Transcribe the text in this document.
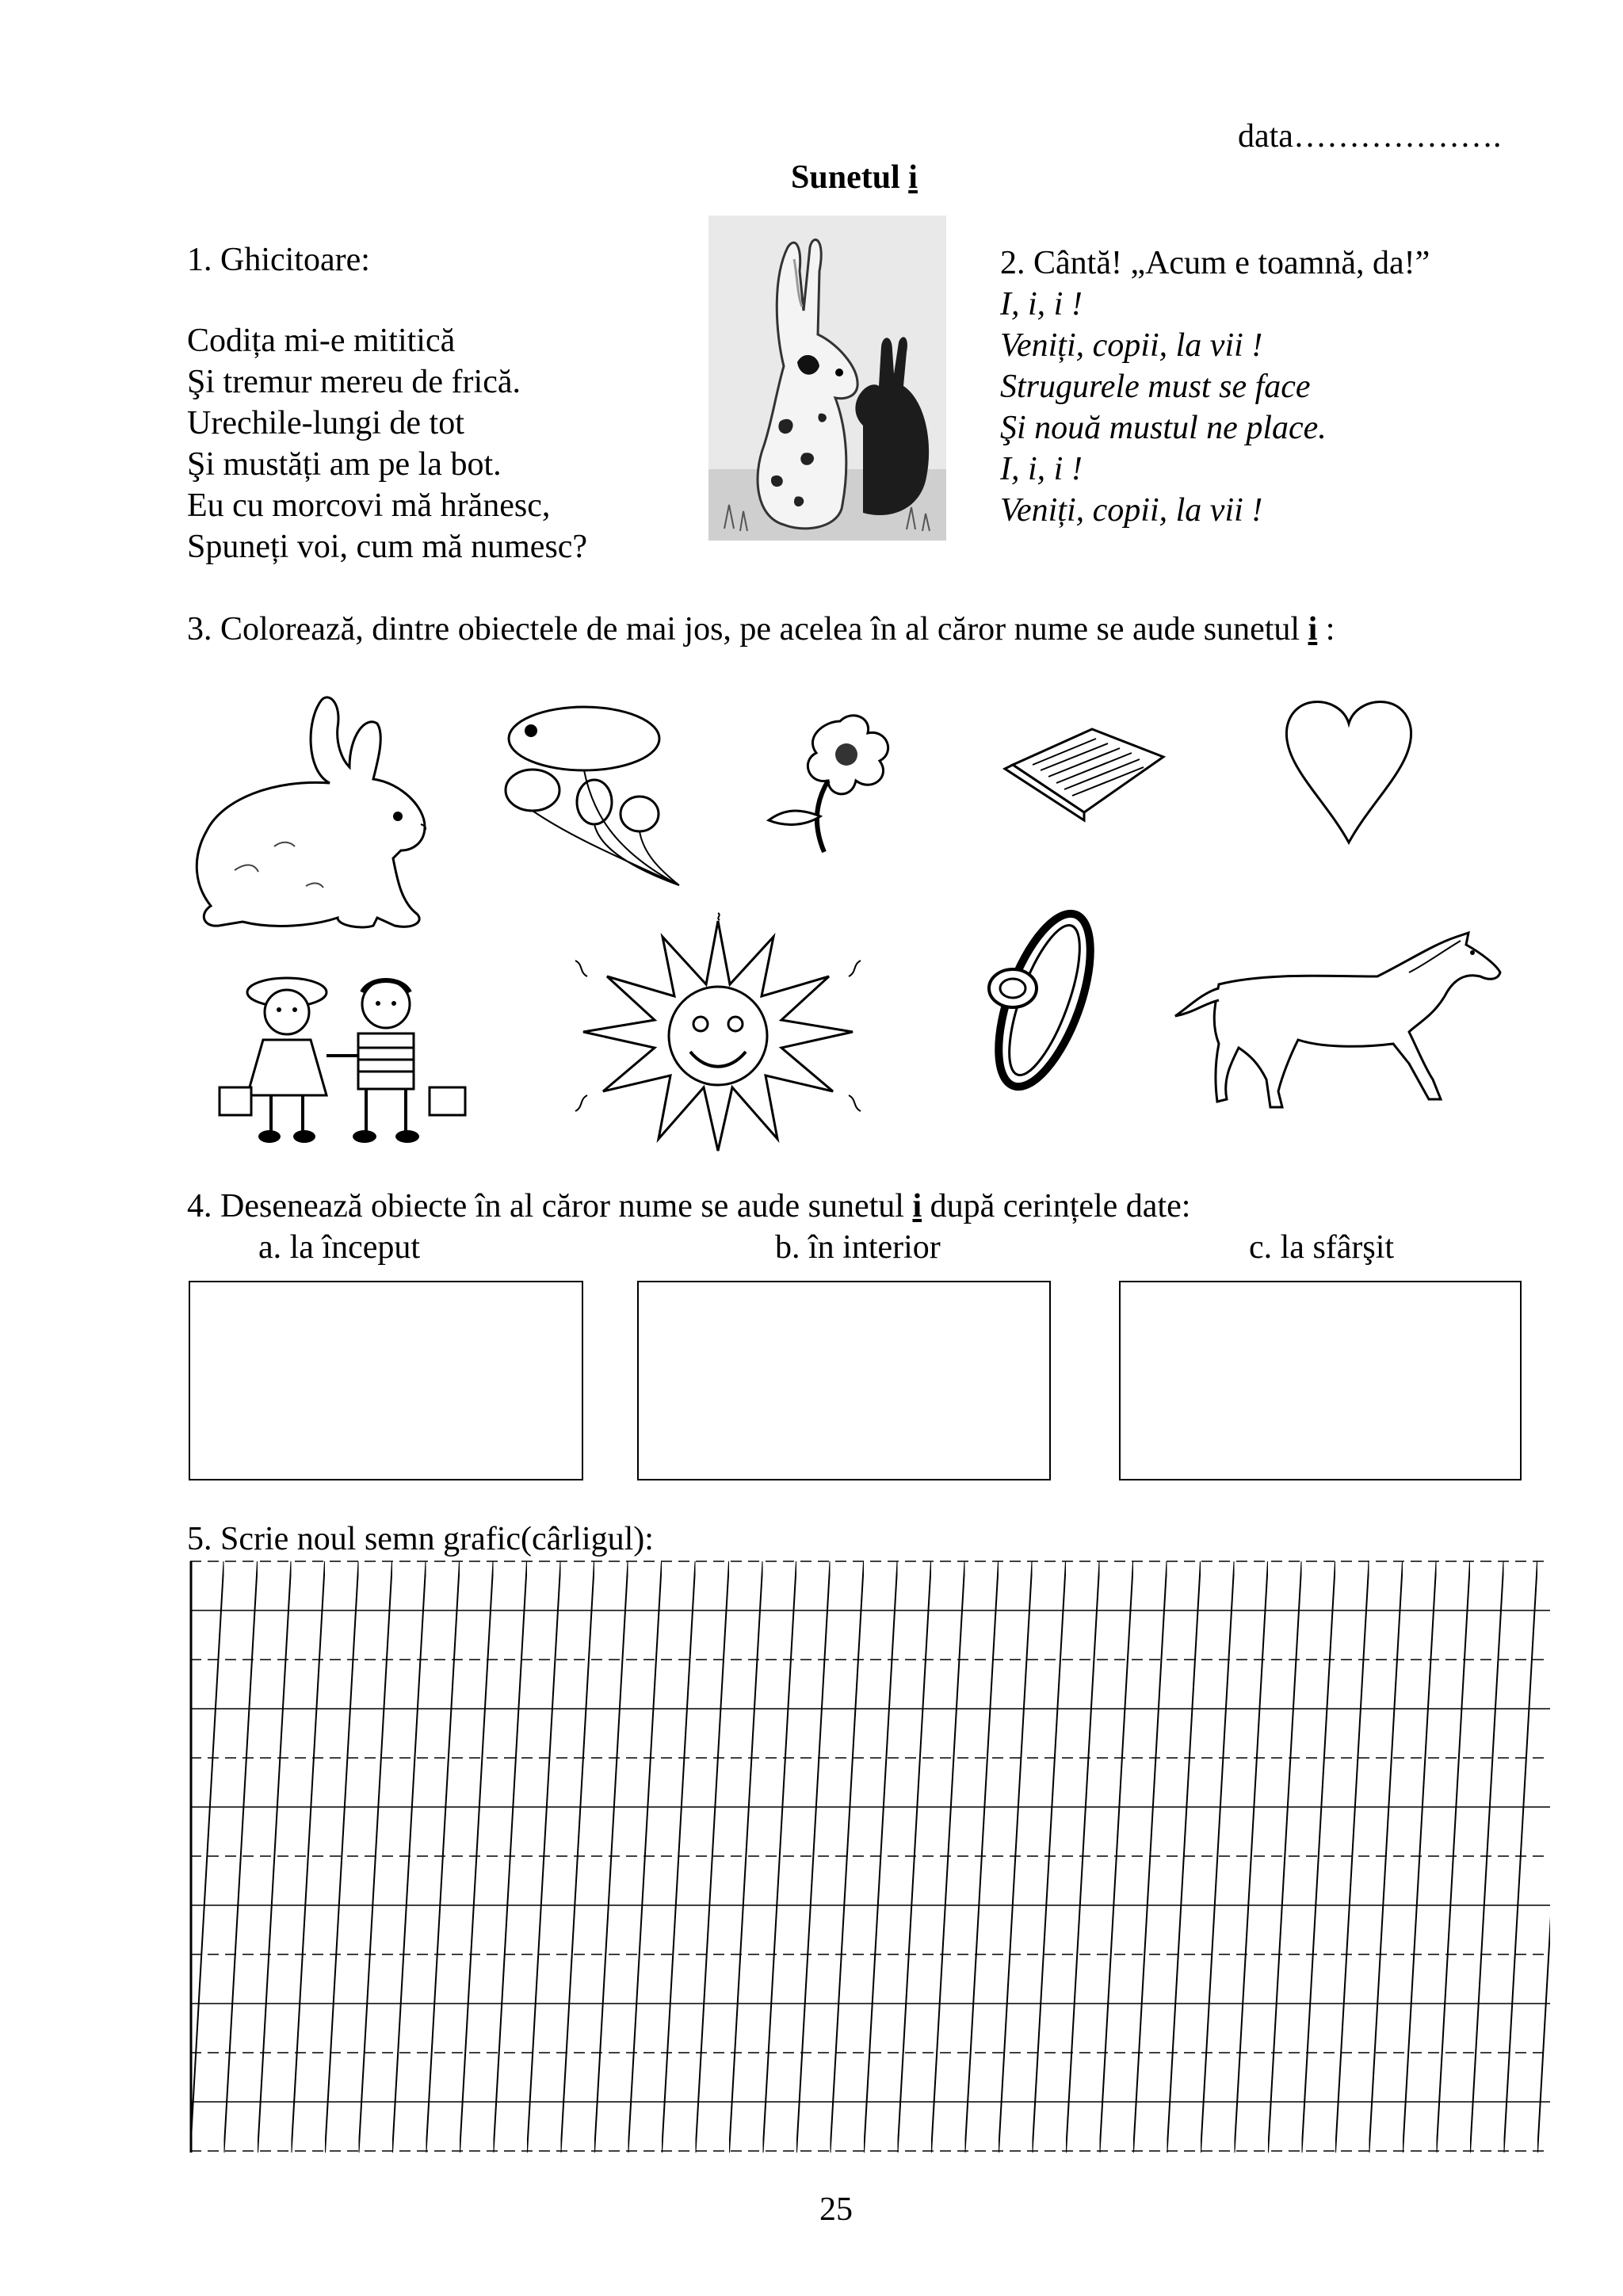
data……………….
Sunetul i
1. Ghicitoare:
Codița mi-e mititică
Şi tremur mereu de frică.
Urechile-lungi de tot
Şi mustăți am pe la bot.
Eu cu morcovi mă hrănesc,
Spuneți voi, cum mă numesc?
2. Cântă! „Acum e toamnă, da!”
I, i, i !
Veniți, copii, la vii !
Strugurele must se face
Şi nouă mustul ne place.
I, i, i !
Veniți, copii, la vii !
3. Colorează, dintre obiectele de mai jos, pe acelea în al căror nume se aude sunetul i :
4. Desenează obiecte în al căror nume se aude sunetul i după cerințele date:
a. la început	b. în interior	c. la sfârşit
5. Scrie noul semn grafic(cârligul):
25
